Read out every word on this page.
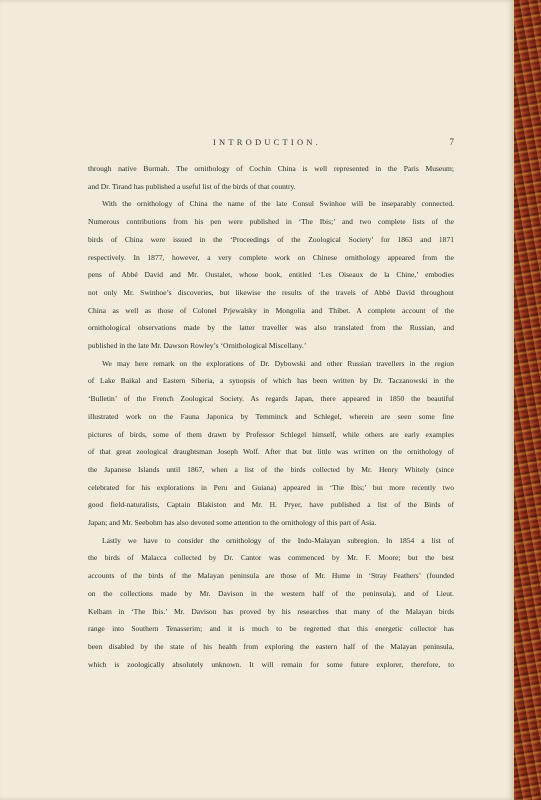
INTRODUCTION.	7
through native Burmah. The ornithology of Cochin China is well represented in the Paris Museum;
and Dr. Tirand has published a useful list of the birds of that country.
With the ornithology of China the name of the late Consul Swinhoe will be inseparably connected.
Numerous contributions from his pen were published in ‘The Ibis;’ and two complete lists of the
birds of China were issued in the ‘Proceedings of the Zoological Society’ for 1863 and 1871
respectively. In 1877, however, a very complete work on Chinese ornithology appeared from the
pens of Abbé David and Mr. Oustalet, whose book, entitled ‘Les Oiseaux de la Chine,’ embodies
not only Mr. Swinhoe’s discoveries, but likewise the results of the travels of Abbé David throughout
China as well as those of Colonel Prjewalsky in Mongolia and Thibet. A complete account of the
ornithological observations made by the latter traveller was also translated from the Russian, and
published in the late Mr. Dawson Rowley’s ‘Ornithological Miscellany.’
We may here remark on the explorations of Dr. Dybowski and other Russian travellers in the region
of Lake Baikal and Eastern Siberia, a synopsis of which has been written by Dr. Taczanowski in the
‘Bulletin’ of the French Zoological Society. As regards Japan, there appeared in 1850 the beautiful
illustrated work on the Fauna Japonica by Temminck and Schlegel, wherein are seen some fine
pictures of birds, some of them drawn by Professor Schlegel himself, while others are early examples
of that great zoological draughtsman Joseph Wolf. After that but little was written on the ornithology of
the Japanese Islands until 1867, when a list of the birds collected by Mr. Henry Whitely (since
celebrated for his explorations in Peru and Guiana) appeared in ‘The Ibis;’ but more recently two
good field-naturalists, Captain Blakiston and Mr. H. Pryer, have published a list of the Birds of
Japan; and Mr. Seebohm has also devoted some attention to the ornithology of this part of Asia.
Lastly we have to consider the ornithology of the Indo-Malayan subregion. In 1854 a list of
the birds of Malacca collected by Dr. Cantor was commenced by Mr. F. Moore; but the best
accounts of the birds of the Malayan peninsula are those of Mr. Hume in ‘Stray Feathers’ (founded
on the collections made by Mr. Davison in the western half of the peninsula), and of Lieut.
Kelham in ‘The Ibis.’ Mr. Davison has proved by his researches that many of the Malayan birds
range into Southern Tenasserim; and it is much to be regretted that this energetic collector has
been disabled by the state of his health from exploring the eastern half of the Malayan peninsula,
which is zoologically absolutely unknown. It will remain for some future explorer, therefore, to
